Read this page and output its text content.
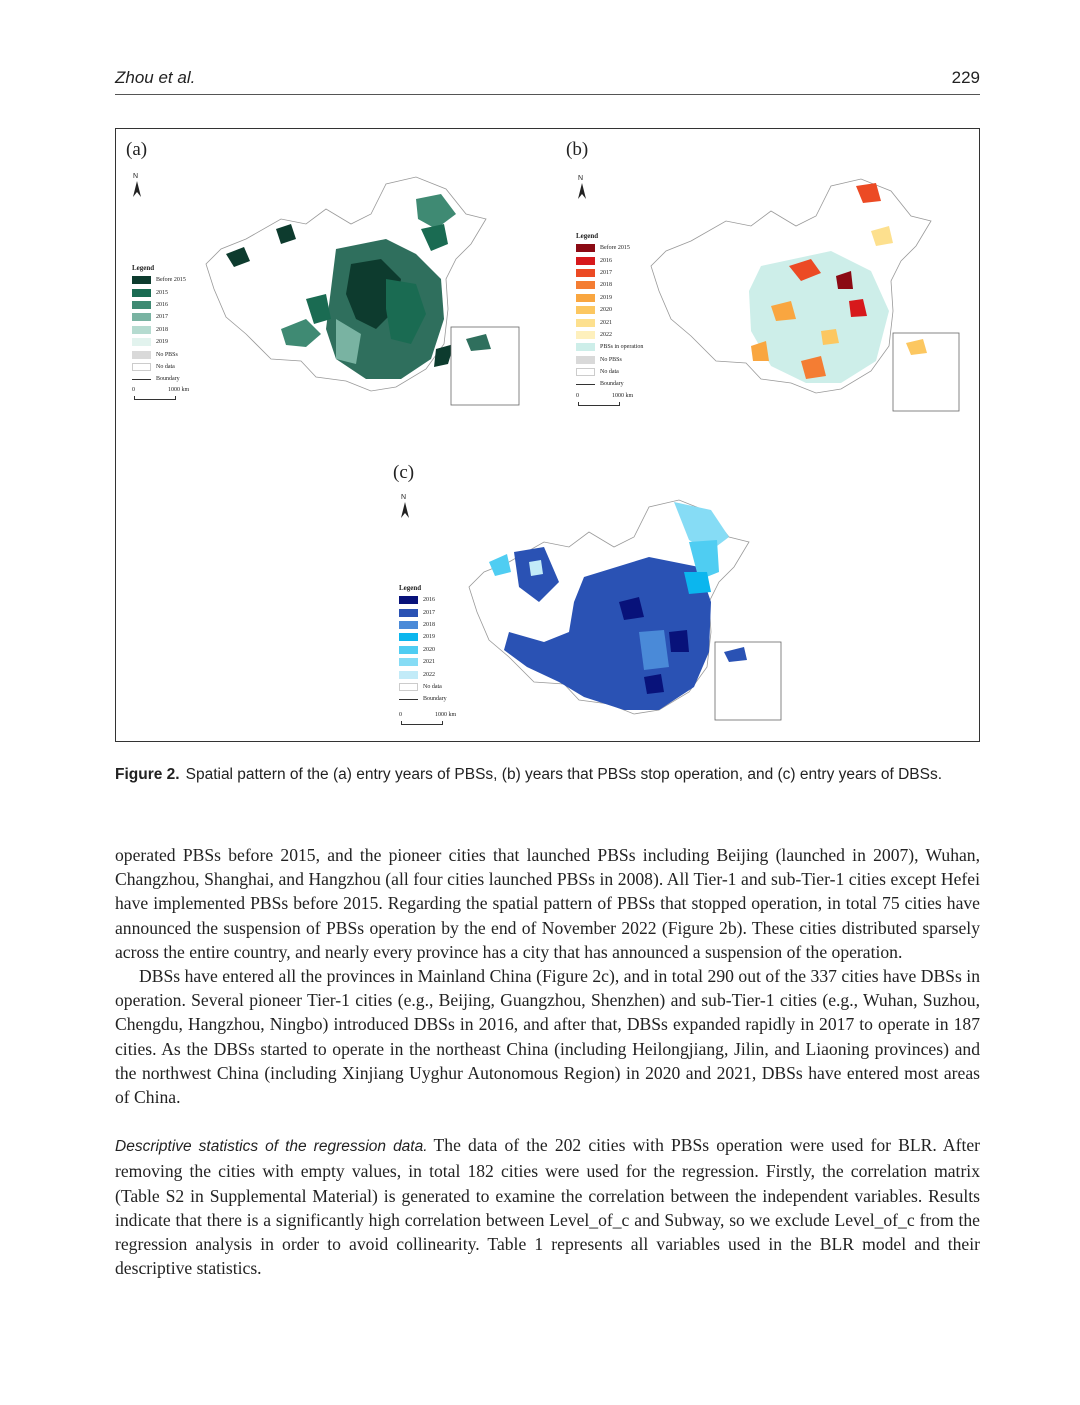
Zhou et al.	229
(a)
N
Legend
Before 2015
2015
2016
2017
2018
2019
No PBSs
No data
Boundary
0	1000 km
(b)
N
Legend
Before 2015
2016
2017
2018
2019
2020
2021
2022
PBSs in operation
No PBSs
No data
Boundary
0	1000 km
(c)
N
Legend
2016
2017
2018
2019
2020
2021
2022
No data
Boundary
0	1000 km
Figure 2. Spatial pattern of the (a) entry years of PBSs, (b) years that PBSs stop operation, and (c) entry years of DBSs.

operated PBSs before 2015, and the pioneer cities that launched PBSs including Beijing (launched in 2007), Wuhan, Changzhou, Shanghai, and Hangzhou (all four cities launched PBSs in 2008). All Tier-1 and sub-Tier-1 cities except Hefei have implemented PBSs before 2015. Regarding the spatial pattern of PBSs that stopped operation, in total 75 cities have announced the suspension of PBSs operation by the end of November 2022 (Figure 2b). These cities distributed sparsely across the entire country, and nearly every province has a city that has announced a suspension of the operation.

DBSs have entered all the provinces in Mainland China (Figure 2c), and in total 290 out of the 337 cities have DBSs in operation. Several pioneer Tier-1 cities (e.g., Beijing, Guangzhou, Shenzhen) and sub-Tier-1 cities (e.g., Wuhan, Suzhou, Chengdu, Hangzhou, Ningbo) introduced DBSs in 2016, and after that, DBSs expanded rapidly in 2017 to operate in 187 cities. As the DBSs started to operate in the northeast China (including Heilongjiang, Jilin, and Liaoning provinces) and the northwest China (including Xinjiang Uyghur Autonomous Region) in 2020 and 2021, DBSs have entered most areas of China.

Descriptive statistics of the regression data. The data of the 202 cities with PBSs operation were used for BLR. After removing the cities with empty values, in total 182 cities were used for the regression. Firstly, the correlation matrix (Table S2 in Supplemental Material) is generated to examine the correlation between the independent variables. Results indicate that there is a significantly high correlation between Level_of_c and Subway, so we exclude Level_of_c from the regression analysis in order to avoid collinearity. Table 1 represents all variables used in the BLR model and their descriptive statistics.
